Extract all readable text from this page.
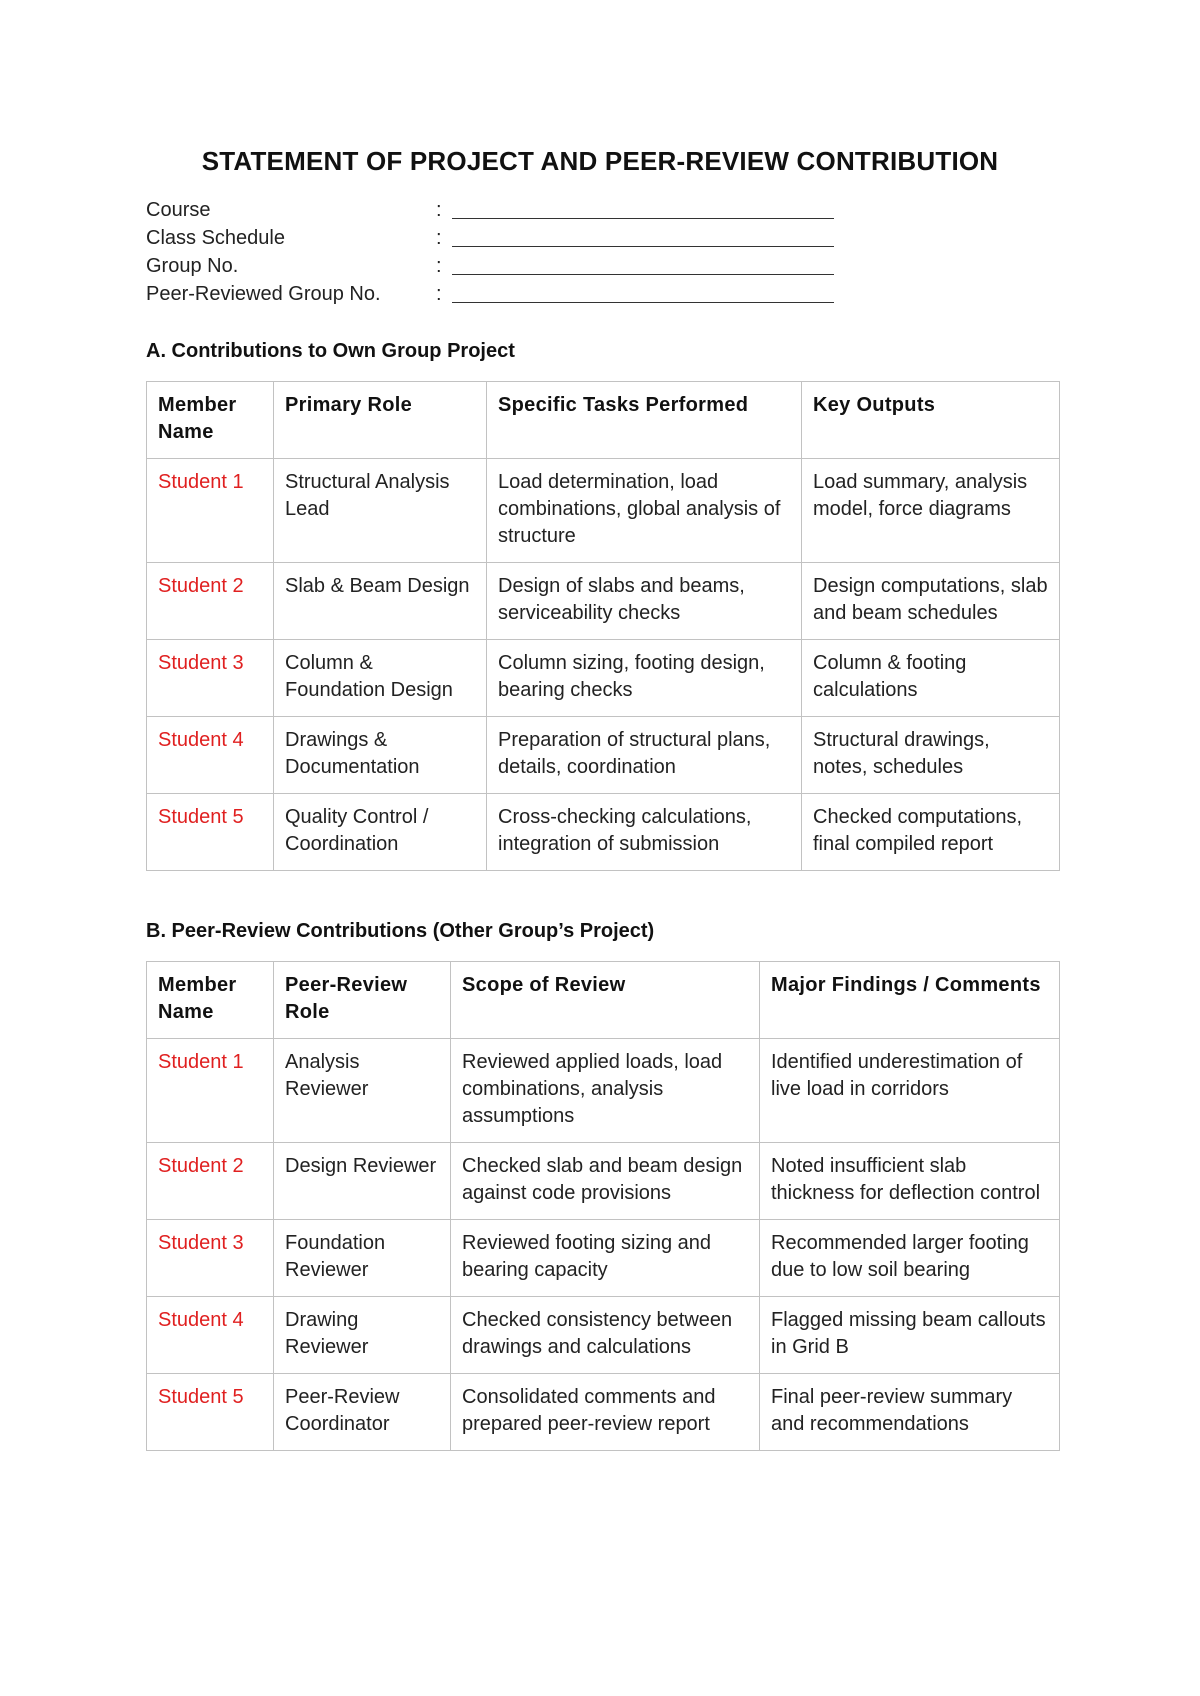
STATEMENT OF PROJECT AND PEER-REVIEW CONTRIBUTION
Course	:
Class Schedule	:
Group No.	:
Peer-Reviewed Group No.	:
A. Contributions to Own Group Project
Member Name	Primary Role	Specific Tasks Performed	Key Outputs
Student 1	Structural Analysis Lead	Load determination, load combinations, global analysis of structure	Load summary, analysis model, force diagrams
Student 2	Slab & Beam Design	Design of slabs and beams, serviceability checks	Design computations, slab and beam schedules
Student 3	Column & Foundation Design	Column sizing, footing design, bearing checks	Column & footing calculations
Student 4	Drawings & Documentation	Preparation of structural plans, details, coordination	Structural drawings, notes, schedules
Student 5	Quality Control / Coordination	Cross-checking calculations, integration of submission	Checked computations, final compiled report
B. Peer-Review Contributions (Other Group’s Project)
Member Name	Peer-Review Role	Scope of Review	Major Findings / Comments
Student 1	Analysis Reviewer	Reviewed applied loads, load combinations, analysis assumptions	Identified underestimation of live load in corridors
Student 2	Design Reviewer	Checked slab and beam design against code provisions	Noted insufficient slab thickness for deflection control
Student 3	Foundation Reviewer	Reviewed footing sizing and bearing capacity	Recommended larger footing due to low soil bearing
Student 4	Drawing Reviewer	Checked consistency between drawings and calculations	Flagged missing beam callouts in Grid B
Student 5	Peer-Review Coordinator	Consolidated comments and prepared peer-review report	Final peer-review summary and recommendations
